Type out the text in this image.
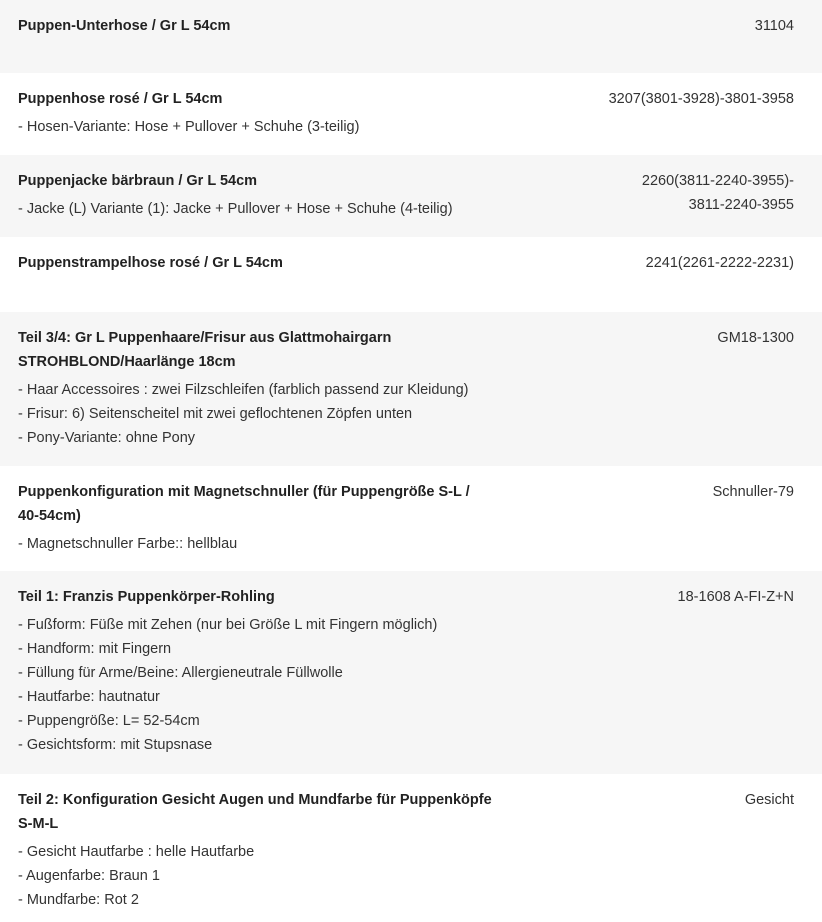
Puppen-Unterhose / Gr L 54cm	31104
Puppenhose rosé / Gr L 54cm
- Hosen-Variante: Hose + Pullover + Schuhe (3-teilig)
3207(3801-3928)-3801-3958
Puppenjacke bärbraun / Gr L 54cm
- Jacke (L) Variante (1): Jacke + Pullover + Hose + Schuhe (4-teilig)
2260(3811-2240-3955)-
3811-2240-3955
Puppenstrampelhose rosé / Gr L 54cm	2241(2261-2222-2231)
Teil 3/4: Gr L Puppenhaare/Frisur aus Glattmohairgarn
STROHBLOND/Haarlänge 18cm
- Haar Accessoires : zwei Filzschleifen (farblich passend zur Kleidung)
- Frisur: 6) Seitenscheitel mit zwei geflochtenen Zöpfen unten
- Pony-Variante: ohne Pony
GM18-1300
Puppenkonfiguration mit Magnetschnuller (für Puppengröße S-L /
40-54cm)
- Magnetschnuller Farbe:: hellblau
Schnuller-79
Teil 1: Franzis Puppenkörper-Rohling
- Fußform: Füße mit Zehen (nur bei Größe L mit Fingern möglich)
- Handform: mit Fingern
- Füllung für Arme/Beine: Allergieneutrale Füllwolle
- Hautfarbe: hautnatur
- Puppengröße: L= 52-54cm
- Gesichtsform: mit Stupsnase
18-1608 A-FI-Z+N
Teil 2: Konfiguration Gesicht Augen und Mundfarbe für Puppenköpfe
S-M-L
- Gesicht Hautfarbe : helle Hautfarbe
- Augenfarbe: Braun 1
- Mundfarbe: Rot 2
Gesicht
